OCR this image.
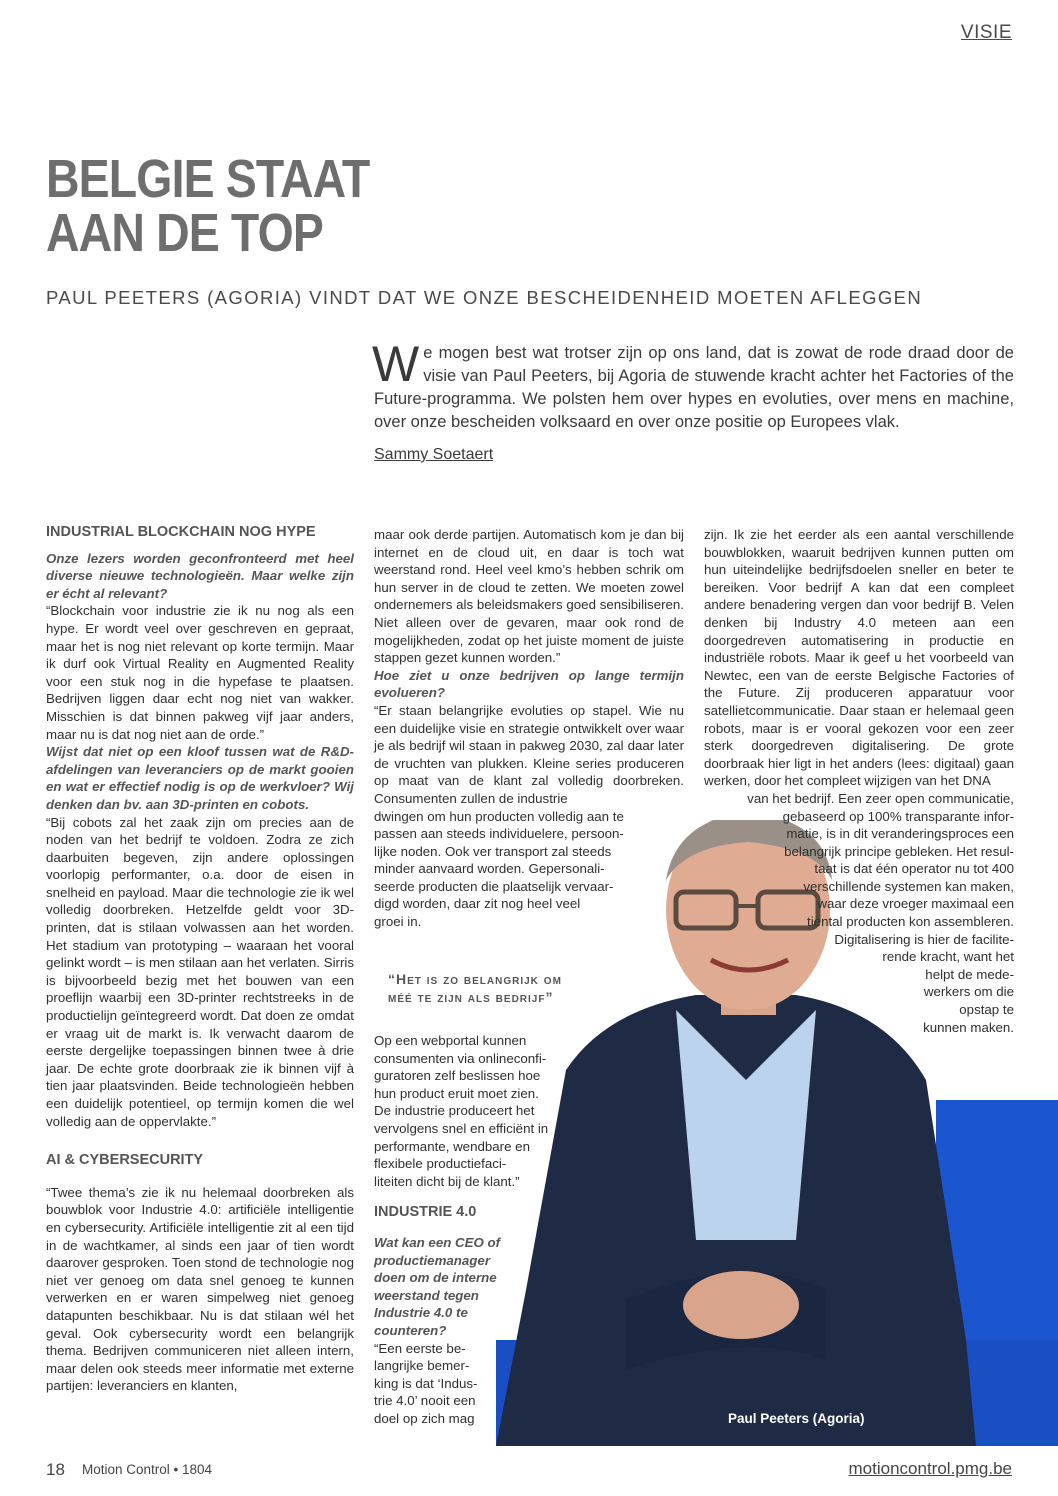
VISIE
BELGIE STAAT
AAN DE TOP
PAUL PEETERS (AGORIA) VINDT DAT WE ONZE BESCHEIDENHEID MOETEN AFLEGGEN
We mogen best wat trotser zijn op ons land, dat is zowat de rode draad door de visie van Paul Peeters, bij Agoria de stuwende kracht achter het Factories of the Future-programma. We polsten hem over hypes en evoluties, over mens en machine, over onze bescheiden volksaard en over onze positie op Europees vlak.
Sammy Soetaert
INDUSTRIAL BLOCKCHAIN NOG HYPE

Onze lezers worden geconfronteerd met heel diverse nieuwe technologieën. Maar welke zijn er écht al relevant?

“Blockchain voor industrie zie ik nu nog als een hype. Er wordt veel over geschreven en gepraat, maar het is nog niet relevant op korte termijn. Maar ik durf ook Virtual Reality en Augmented Reality voor een stuk nog in die hypefase te plaatsen. Bedrijven liggen daar echt nog niet van wakker. Misschien is dat binnen pakweg vijf jaar anders, maar nu is dat nog niet aan de orde.”

Wijst dat niet op een kloof tussen wat de R&D-afdelingen van leveranciers op de markt gooien en wat er effectief nodig is op de werkvloer? Wij denken dan bv. aan 3D-printen en cobots.

“Bij cobots zal het zaak zijn om precies aan de noden van het bedrijf te voldoen. Zodra ze zich daarbuiten begeven, zijn andere oplossingen voorlopig performanter, o.a. door de eisen in snelheid en payload. Maar die technologie zie ik wel volledig doorbreken. Hetzelfde geldt voor 3D-printen, dat is stilaan volwassen aan het worden. Het stadium van prototyping – waaraan het vooral gelinkt wordt – is men stilaan aan het verlaten. Sirris is bijvoorbeeld bezig met het bouwen van een proeflijn waarbij een 3D-printer rechtstreeks in de productielijn geïntegreerd wordt. Dat doen ze omdat er vraag uit de markt is. Ik verwacht daarom de eerste dergelijke toepassingen binnen twee à drie jaar. De echte grote doorbraak zie ik binnen vijf à tien jaar plaatsvinden. Beide technologieën hebben een duidelijk potentieel, op termijn komen die wel volledig aan de oppervlakte.”

AI & CYBERSECURITY

“Twee thema’s zie ik nu helemaal doorbreken als bouwblok voor Industrie 4.0: artificiële intelligentie en cybersecurity. Artificiële intelligentie zit al een tijd in de wachtkamer, al sinds een jaar of tien wordt daarover gesproken. Toen stond de technologie nog niet ver genoeg om data snel genoeg te kunnen verwerken en er waren simpelweg niet genoeg datapunten beschikbaar. Nu is dat stilaan wél het geval. Ook cybersecurity wordt een belangrijk thema. Bedrijven communiceren niet alleen intern, maar delen ook steeds meer informatie met externe partijen: leveranciers en klanten,

Paul Peeters (Agoria)

maar ook derde partijen. Automatisch kom je dan bij internet en de cloud uit, en daar is toch wat weerstand rond. Heel veel kmo’s hebben schrik om hun server in de cloud te zetten. We moeten zowel ondernemers als beleidsmakers goed sensibiliseren. Niet alleen over de gevaren, maar ook rond de mogelijkheden, zodat op het juiste moment de juiste stappen gezet kunnen worden.”

Hoe ziet u onze bedrijven op lange termijn evolueren?

“Er staan belangrijke evoluties op stapel. Wie nu een duidelijke visie en strategie ontwikkelt over waar je als bedrijf wil staan in pakweg 2030, zal daar later de vruchten van plukken. Kleine series produceren op maat van de klant zal volledig doorbreken. Consumenten zullen de industrie

dwingen om hun producten volledig aan te
passen aan steeds individuelere, persoon-
lijke noden. Ook ver transport zal steeds
minder aanvaard worden. Gepersonali-
seerde producten die plaatselijk vervaar-
digd worden, daar zit nog heel veel
groei in.
“Het is zo belangrijk om
méé te zijn als bedrijf”
Op een webportal kunnen
consumenten via onlineconfi-
guratoren zelf beslissen hoe
hun product eruit moet zien.
De industrie produceert het
vervolgens snel en efficiënt in
performante, wendbare en
flexibele productiefaci-
liteiten dicht bij de klant.”
INDUSTRIE 4.0
Wat kan een CEO of
productiemanager
doen om de interne
weerstand tegen
Industrie 4.0 te
counteren?
“Een eerste be-
langrijke bemer-
king is dat ‘Indus-
trie 4.0’ nooit een
doel op zich mag

zijn. Ik zie het eerder als een aantal verschillende bouwblokken, waaruit bedrijven kunnen putten om hun uiteindelijke bedrijfsdoelen sneller en beter te bereiken. Voor bedrijf A kan dat een compleet andere benadering vergen dan voor bedrijf B. Velen denken bij Industry 4.0 meteen aan een doorgedreven automatisering in productie en industriële robots. Maar ik geef u het voorbeeld van Newtec, een van de eerste Belgische Factories of the Future. Zij produceren apparatuur voor satellietcommunicatie. Daar staan er helemaal geen robots, maar is er vooral gekozen voor een zeer sterk doorgedreven digitalisering. De grote doorbraak hier ligt in het anders (lees: digitaal) gaan werken, door het compleet wijzigen van het DNA

van het bedrijf. Een zeer open communicatie,
gebaseerd op 100% transparante infor-
matie, is in dit veranderingsproces een
belangrijk principe gebleken. Het resul-
taat is dat één operator nu tot 400
verschillende systemen kan maken,
waar deze vroeger maximaal een
tiental producten kon assembleren.
Digitalisering is hier de facilite-
rende kracht, want het
helpt de mede-
werkers om die
opstap te
kunnen maken.
18 Motion Control • 1804	motioncontrol.pmg.be
